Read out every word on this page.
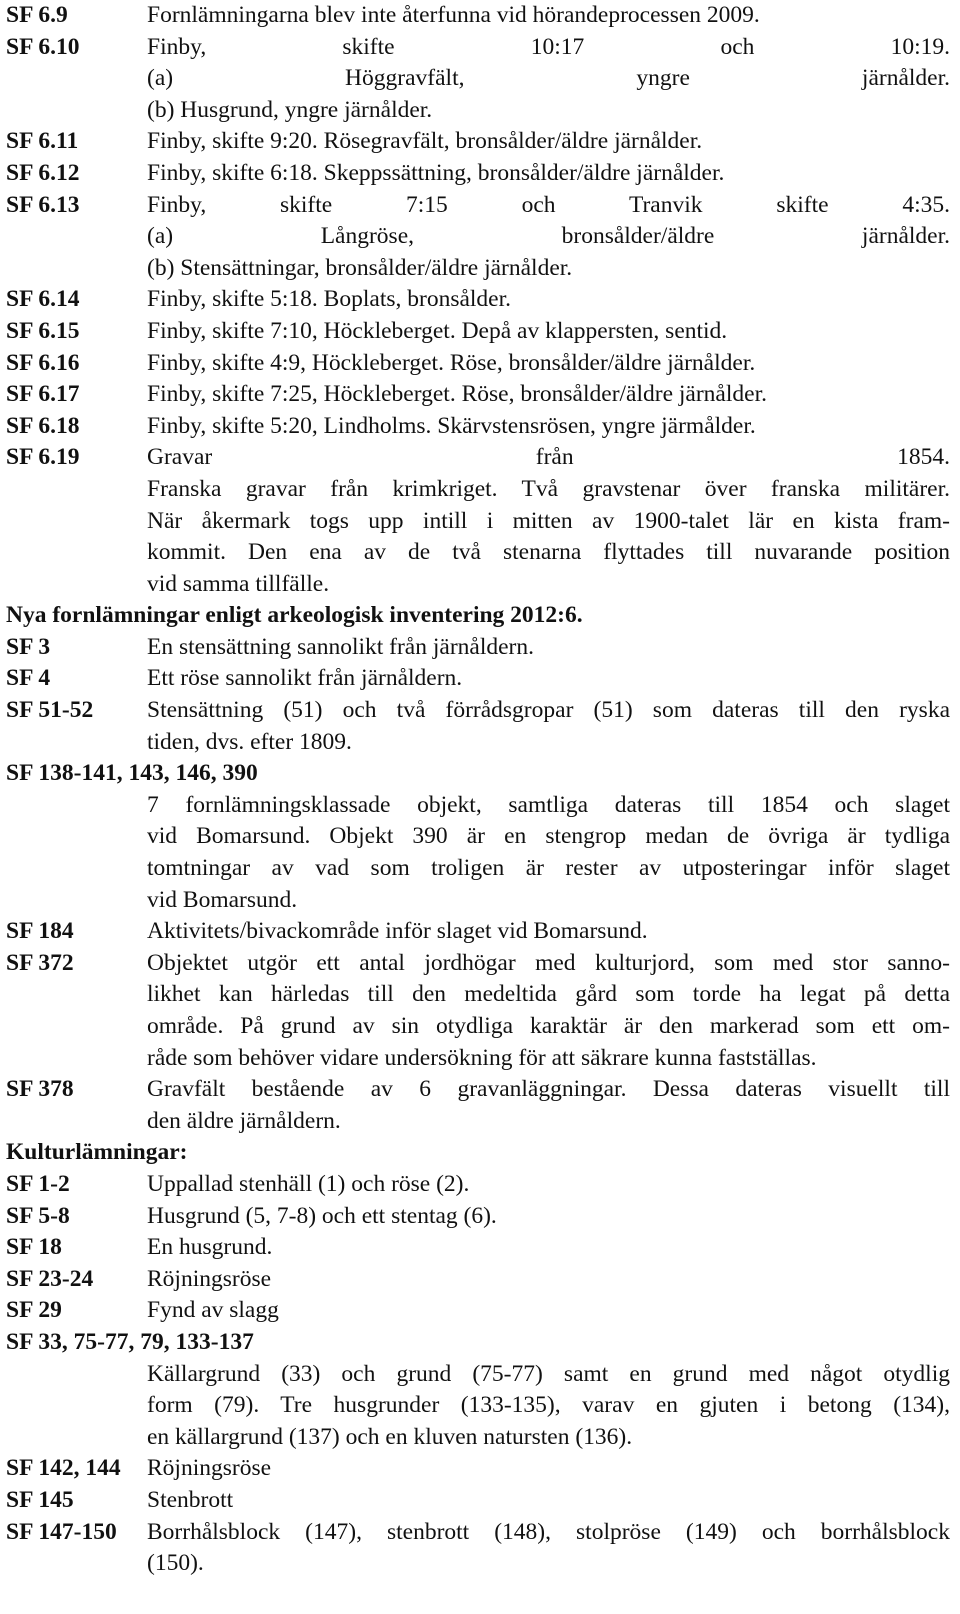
SF 6.9	Fornlämningarna blev inte återfunna vid hörandeprocessen 2009.
SF 6.10	Finby, skifte 10:17 och 10:19.
(a) Höggravfält, yngre järnålder.
(b) Husgrund, yngre järnålder.
SF 6.11	Finby, skifte 9:20. Rösegravfält, bronsålder/äldre järnålder.
SF 6.12	Finby, skifte 6:18. Skeppssättning, bronsålder/äldre järnålder.
SF 6.13	Finby, skifte 7:15 och Tranvik skifte 4:35.
(a) Långröse, bronsålder/äldre järnålder.
(b) Stensättningar, bronsålder/äldre järnålder.
SF 6.14	Finby, skifte 5:18. Boplats, bronsålder.
SF 6.15	Finby, skifte 7:10, Höckleberget. Depå av klappersten, sentid.
SF 6.16	Finby, skifte 4:9, Höckleberget. Röse, bronsålder/äldre järnålder.
SF 6.17	Finby, skifte 7:25, Höckleberget. Röse, bronsålder/äldre järnålder.
SF 6.18	Finby, skifte 5:20, Lindholms. Skärvstensrösen, yngre järmålder.
SF 6.19	Gravar från 1854.
Franska gravar från krimkriget. Två gravstenar över franska militärer.
När åkermark togs upp intill i mitten av 1900-talet lär en kista fram-
kommit. Den ena av de två stenarna flyttades till nuvarande position
vid samma tillfälle.
Nya fornlämningar enligt arkeologisk inventering 2012:6.
SF 3	En stensättning sannolikt från järnåldern.
SF 4	Ett röse sannolikt från järnåldern.
SF 51-52	Stensättning (51) och två förrådsgropar (51) som dateras till den ryska
tiden, dvs. efter 1809.
SF 138-141, 143, 146, 390
7 fornlämningsklassade objekt, samtliga dateras till 1854 och slaget
vid Bomarsund. Objekt 390 är en stengrop medan de övriga är tydliga
tomtningar av vad som troligen är rester av utposteringar inför slaget
vid Bomarsund.
SF 184	Aktivitets/bivackområde inför slaget vid Bomarsund.
SF 372	Objektet utgör ett antal jordhögar med kulturjord, som med stor sanno-
likhet kan härledas till den medeltida gård som torde ha legat på detta
område. På grund av sin otydliga karaktär är den markerad som ett om-
råde som behöver vidare undersökning för att säkrare kunna fastställas.
SF 378	Gravfält bestående av 6 gravanläggningar. Dessa dateras visuellt till
den äldre järnåldern.
Kulturlämningar:
SF 1-2	Uppallad stenhäll (1) och röse (2).
SF 5-8	Husgrund (5, 7-8) och ett stentag (6).
SF 18	En husgrund.
SF 23-24	Röjningsröse
SF 29	Fynd av slagg
SF 33, 75-77, 79, 133-137
Källargrund (33) och grund (75-77) samt en grund med något otydlig
form (79). Tre husgrunder (133-135), varav en gjuten i betong (134),
en källargrund (137) och en kluven natursten (136).
SF 142, 144	Röjningsröse
SF 145	Stenbrott
SF 147-150	Borrhålsblock (147), stenbrott (148), stolpröse (149) och borrhålsblock
(150).
